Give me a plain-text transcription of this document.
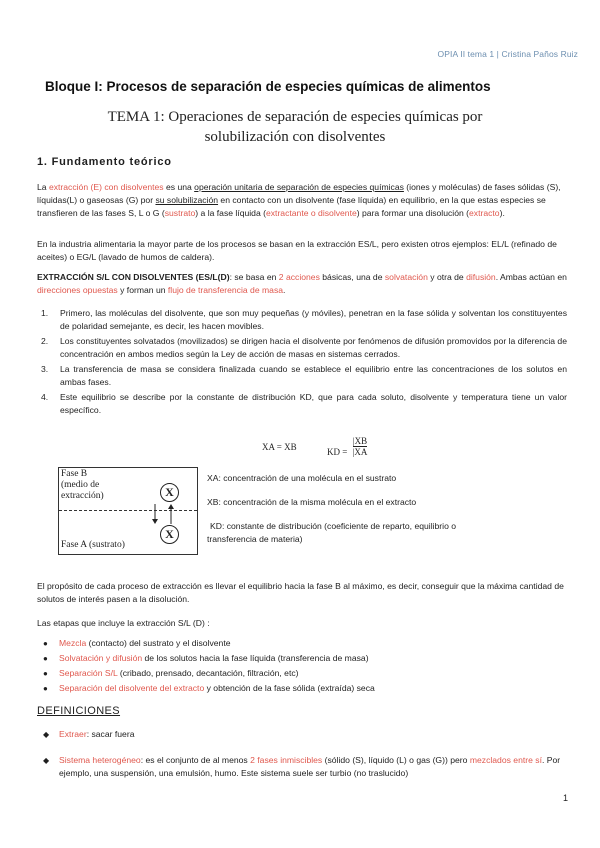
OPIA II tema 1 | Cristina Paños Ruiz
Bloque I: Procesos de separación de especies químicas de alimentos
TEMA 1: Operaciones de separación de especies químicas por
solubilización con disolventes
1. Fundamento teórico

La extracción (E) con disolventes es una operación unitaria de separación de especies químicas (iones y moléculas) de fases sólidas (S), líquidas(L) o gaseosas (G) por su solubilización en contacto con un disolvente (fase líquida) en equilibrio, en la que estas especies se transfieren de las fases S, L o G (sustrato) a la fase líquida (extractante o disolvente) para formar una disolución (extracto).

En la industria alimentaria la mayor parte de los procesos se basan en la extracción ES/L, pero existen otros ejemplos: EL/L (refinado de aceites) o EG/L (lavado de humos de caldera).

EXTRACCIÓN S/L CON DISOLVENTES (ES/L(D): se basa en 2 acciones básicas, una de solvatación y otra de difusión. Ambas actúan en direcciones opuestas y forman un flujo de transferencia de masa.

1. Primero, las moléculas del disolvente, que son muy pequeñas (y móviles), penetran en la fase sólida y solventan los constituyentes de polaridad semejante, es decir, les hacen movibles.
2. Los constituyentes solvatados (movilizados) se dirigen hacia el disolvente por fenómenos de difusión promovidos por la diferencia de concentración en ambos medios según la Ley de acción de masas en sistemas cerrados.
3. La transferencia de masa se considera finalizada cuando se establece el equilibrio entre las concentraciones de los solutos en ambas fases.
4. Este equilibrio se describe por la constante de distribución KD, que para cada soluto, disolvente y temperatura tiene un valor específico.
XA = XB	KD = $\frac{|XB}{|XA}$
Fase B
(medio de
extracción)	X
X
Fase A (sustrato)
XA: concentración de una molécula en el sustrato
XB: concentración de la misma molécula en el extracto
KD: constante de distribución (coeficiente de reparto, equilibrio o
transferencia de materia)

El propósito de cada proceso de extracción es llevar el equilibrio hacia la fase B al máximo, es decir, conseguir que la máxima cantidad de solutos de interés pasen a la disolución.

Las etapas que incluye la extracción S/L (D) :

● Mezcla (contacto) del sustrato y el disolvente
● Solvatación y difusión de los solutos hacia la fase líquida (transferencia de masa)
● Separación S/L (cribado, prensado, decantación, filtración, etc)
● Separación del disolvente del extracto y obtención de la fase sólida (extraída) seca
DEFINICIONES
◆ Extraer: sacar fuera
◆ Sistema heterogéneo: es el conjunto de al menos 2 fases inmiscibles (sólido (S), líquido (L) o gas (G)) pero mezclados entre sí. Por ejemplo, una suspensión, una emulsión, humo. Este sistema suele ser turbio (no traslucido)
1
